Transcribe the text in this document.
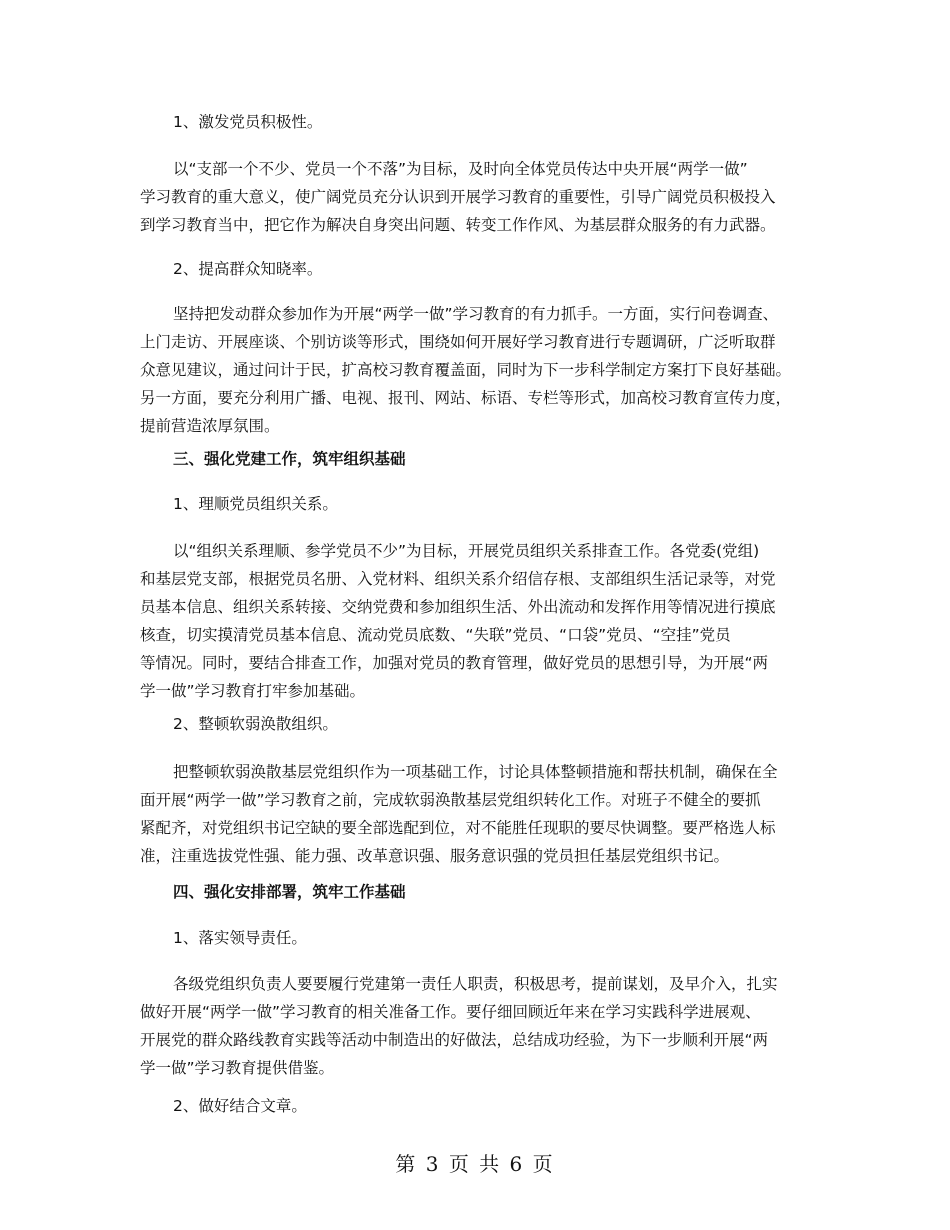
1、激发党员积极性。

以“支部一个不少、党员一个不落”为目标，及时向全体党员传达中央开展“两学一做”
学习教育的重大意义，使广阔党员充分认识到开展学习教育的重要性，引导广阔党员积极投入
到学习教育当中，把它作为解决自身突出问题、转变工作作风、为基层群众服务的有力武器。

2、提高群众知晓率。

坚持把发动群众参加作为开展“两学一做”学习教育的有力抓手。一方面，实行问卷调查、
上门走访、开展座谈、个别访谈等形式，围绕如何开展好学习教育进行专题调研，广泛听取群
众意见建议，通过问计于民，扩高校习教育覆盖面，同时为下一步科学制定方案打下良好基础。
另一方面，要充分利用广播、电视、报刊、网站、标语、专栏等形式，加高校习教育宣传力度，
提前营造浓厚氛围。

三、强化党建工作，筑牢组织基础

1、理顺党员组织关系。

以“组织关系理顺、参学党员不少”为目标，开展党员组织关系排查工作。各党委(党组)
和基层党支部，根据党员名册、入党材料、组织关系介绍信存根、支部组织生活记录等，对党
员基本信息、组织关系转接、交纳党费和参加组织生活、外出流动和发挥作用等情况进行摸底
核查，切实摸清党员基本信息、流动党员底数、“失联”党员、“口袋”党员、“空挂”党员
等情况。同时，要结合排查工作，加强对党员的教育管理，做好党员的思想引导，为开展“两
学一做”学习教育打牢参加基础。

2、整顿软弱涣散组织。

把整顿软弱涣散基层党组织作为一项基础工作，讨论具体整顿措施和帮扶机制，确保在全
面开展“两学一做”学习教育之前，完成软弱涣散基层党组织转化工作。对班子不健全的要抓
紧配齐，对党组织书记空缺的要全部选配到位，对不能胜任现职的要尽快调整。要严格选人标
准，注重选拔党性强、能力强、改革意识强、服务意识强的党员担任基层党组织书记。

四、强化安排部署，筑牢工作基础

1、落实领导责任。

各级党组织负责人要要履行党建第一责任人职责，积极思考，提前谋划，及早介入，扎实
做好开展“两学一做”学习教育的相关准备工作。要仔细回顾近年来在学习实践科学进展观、
开展党的群众路线教育实践等活动中制造出的好做法，总结成功经验，为下一步顺利开展“两
学一做”学习教育提供借鉴。

2、做好结合文章。

第 3 页 共 6 页
